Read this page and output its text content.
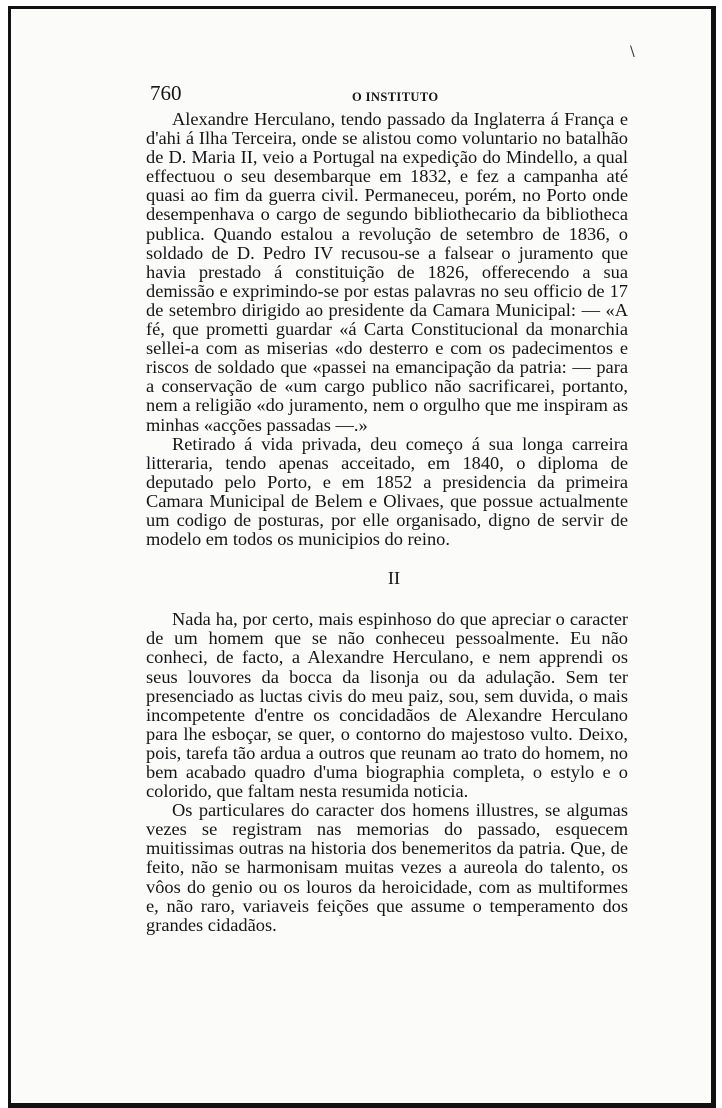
\
760	O INSTITUTO

Alexandre Herculano, tendo passado da Inglaterra á França e d'ahi á Ilha Terceira, onde se alistou como voluntario no batalhão de D. Maria II, veio a Portugal na expedição do Mindello, a qual effectuou o seu desembarque em 1832, e fez a campanha até quasi ao fim da guerra civil. Permaneceu, porém, no Porto onde desempenhava o cargo de segundo bibliothecario da bibliotheca publica. Quando estalou a revolução de setembro de 1836, o soldado de D. Pedro IV recusou-se a falsear o juramento que havia prestado á constituição de 1826, offerecendo a sua demissão e exprimindo-se por estas palavras no seu officio de 17 de setembro dirigido ao presidente da Camara Municipal: — «A fé, que prometti guardar «á Carta Constitucional da monarchia sellei-a com as miserias «do desterro e com os padecimentos e riscos de soldado que «passei na emancipação da patria: — para a conservação de «um cargo publico não sacrificarei, portanto, nem a religião «do juramento, nem o orgulho que me inspiram as minhas «acções passadas —.»

Retirado á vida privada, deu começo á sua longa carreira litteraria, tendo apenas acceitado, em 1840, o diploma de deputado pelo Porto, e em 1852 a presidencia da primeira Camara Municipal de Belem e Olivaes, que possue actualmente um codigo de posturas, por elle organisado, digno de servir de modelo em todos os municipios do reino.

II

Nada ha, por certo, mais espinhoso do que apreciar o caracter de um homem que se não conheceu pessoalmente. Eu não conheci, de facto, a Alexandre Herculano, e nem apprendi os seus louvores da bocca da lisonja ou da adulação. Sem ter presenciado as luctas civis do meu paiz, sou, sem duvida, o mais incompetente d'entre os concidadãos de Alexandre Herculano para lhe esboçar, se quer, o contorno do majestoso vulto. Deixo, pois, tarefa tão ardua a outros que reunam ao trato do homem, no bem acabado quadro d'uma biographia completa, o estylo e o colorido, que faltam nesta resumida noticia.

Os particulares do caracter dos homens illustres, se algumas vezes se registram nas memorias do passado, esquecem muitissimas outras na historia dos benemeritos da patria. Que, de feito, não se harmonisam muitas vezes a aureola do talento, os vôos do genio ou os louros da heroicidade, com as multiformes e, não raro, variaveis feições que assume o temperamento dos grandes cidadãos.
